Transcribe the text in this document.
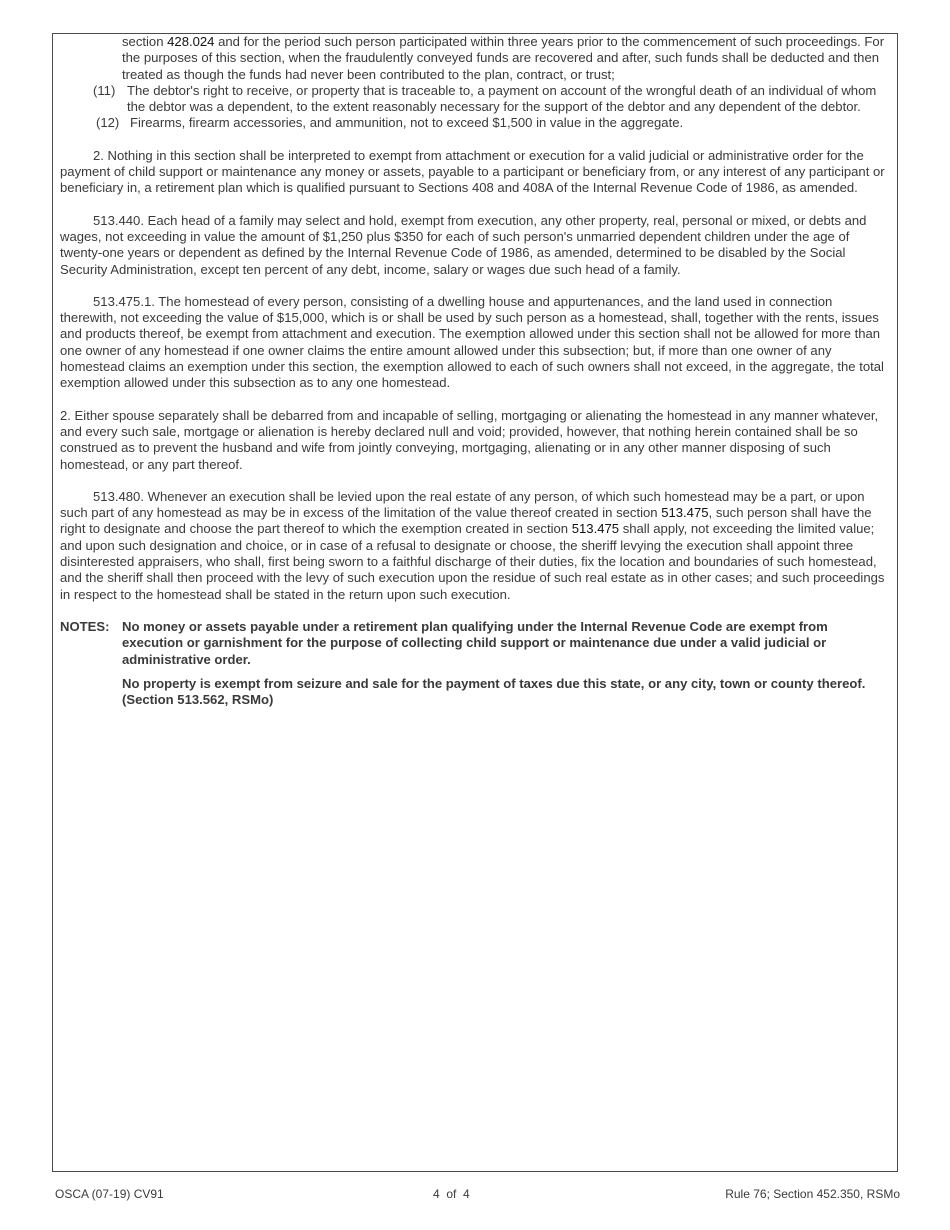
section 428.024 and for the period such person participated within three years prior to the commencement of such proceedings. For the purposes of this section, when the fraudulently conveyed funds are recovered and after, such funds shall be deducted and then treated as though the funds had never been contributed to the plan, contract, or trust;

(11) The debtor's right to receive, or property that is traceable to, a payment on account of the wrongful death of an individual of whom the debtor was a dependent, to the extent reasonably necessary for the support of the debtor and any dependent of the debtor.
(12) Firearms, firearm accessories, and ammunition, not to exceed $1,500 in value in the aggregate.

2. Nothing in this section shall be interpreted to exempt from attachment or execution for a valid judicial or administrative order for the payment of child support or maintenance any money or assets, payable to a participant or beneficiary from, or any interest of any participant or beneficiary in, a retirement plan which is qualified pursuant to Sections 408 and 408A of the Internal Revenue Code of 1986, as amended.

513.440. Each head of a family may select and hold, exempt from execution, any other property, real, personal or mixed, or debts and wages, not exceeding in value the amount of $1,250 plus $350 for each of such person's unmarried dependent children under the age of twenty-one years or dependent as defined by the Internal Revenue Code of 1986, as amended, determined to be disabled by the Social Security Administration, except ten percent of any debt, income, salary or wages due such head of a family.

513.475.1. The homestead of every person, consisting of a dwelling house and appurtenances, and the land used in connection therewith, not exceeding the value of $15,000, which is or shall be used by such person as a homestead, shall, together with the rents, issues and products thereof, be exempt from attachment and execution. The exemption allowed under this section shall not be allowed for more than one owner of any homestead if one owner claims the entire amount allowed under this subsection; but, if more than one owner of any homestead claims an exemption under this section, the exemption allowed to each of such owners shall not exceed, in the aggregate, the total exemption allowed under this subsection as to any one homestead.

2. Either spouse separately shall be debarred from and incapable of selling, mortgaging or alienating the homestead in any manner whatever, and every such sale, mortgage or alienation is hereby declared null and void; provided, however, that nothing herein contained shall be so construed as to prevent the husband and wife from jointly conveying, mortgaging, alienating or in any other manner disposing of such homestead, or any part thereof.

513.480. Whenever an execution shall be levied upon the real estate of any person, of which such homestead may be a part, or upon such part of any homestead as may be in excess of the limitation of the value thereof created in section 513.475, such person shall have the right to designate and choose the part thereof to which the exemption created in section 513.475 shall apply, not exceeding the limited value; and upon such designation and choice, or in case of a refusal to designate or choose, the sheriff levying the execution shall appoint three disinterested appraisers, who shall, first being sworn to a faithful discharge of their duties, fix the location and boundaries of such homestead, and the sheriff shall then proceed with the levy of such execution upon the residue of such real estate as in other cases; and such proceedings in respect to the homestead shall be stated in the return upon such execution.

NOTES: No money or assets payable under a retirement plan qualifying under the Internal Revenue Code are exempt from execution or garnishment for the purpose of collecting child support or maintenance due under a valid judicial or administrative order.

No property is exempt from seizure and sale for the payment of taxes due this state, or any city, town or county thereof. (Section 513.562, RSMo)

OSCA (07-19) CV91	4  of  4	Rule 76; Section 452.350, RSMo
